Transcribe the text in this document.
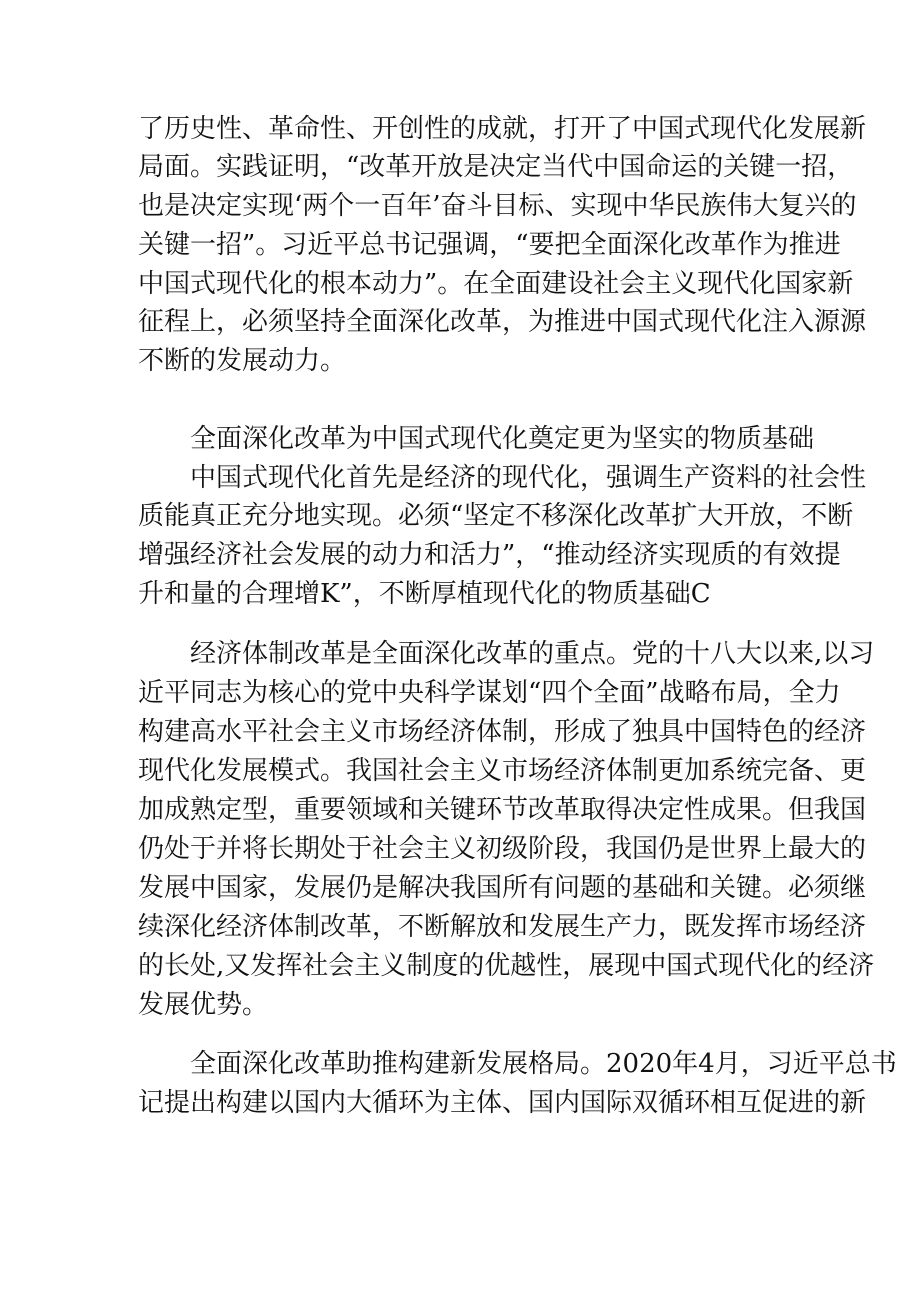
了历史性、革命性、开创性的成就，打开了中国式现代化发展新
局面。实践证明，“改革开放是决定当代中国命运的关键一招，
也是决定实现‘两个一百年’奋斗目标、实现中华民族伟大复兴的
关键一招”。习近平总书记强调，“要把全面深化改革作为推进
中国式现代化的根本动力”。在全面建设社会主义现代化国家新
征程上，必须坚持全面深化改革，为推进中国式现代化注入源源
不断的发展动力。
全面深化改革为中国式现代化奠定更为坚实的物质基础
中国式现代化首先是经济的现代化，强调生产资料的社会性
质能真正充分地实现。必须“坚定不移深化改革扩大开放，不断
增强经济社会发展的动力和活力”，“推动经济实现质的有效提
升和量的合理增K”，不断厚植现代化的物质基础C
经济体制改革是全面深化改革的重点。党的十八大以来,以习
近平同志为核心的党中央科学谋划“四个全面”战略布局，全力
构建高水平社会主义市场经济体制，形成了独具中国特色的经济
现代化发展模式。我国社会主义市场经济体制更加系统完备、更
加成熟定型，重要领域和关键环节改革取得决定性成果。但我国
仍处于并将长期处于社会主义初级阶段，我国仍是世界上最大的
发展中国家，发展仍是解决我国所有问题的基础和关键。必须继
续深化经济体制改革，不断解放和发展生产力，既发挥市场经济
的长处,又发挥社会主义制度的优越性，展现中国式现代化的经济
发展优势。
全面深化改革助推构建新发展格局。2020年4月，习近平总书
记提出构建以国内大循环为主体、国内国际双循环相互促进的新
